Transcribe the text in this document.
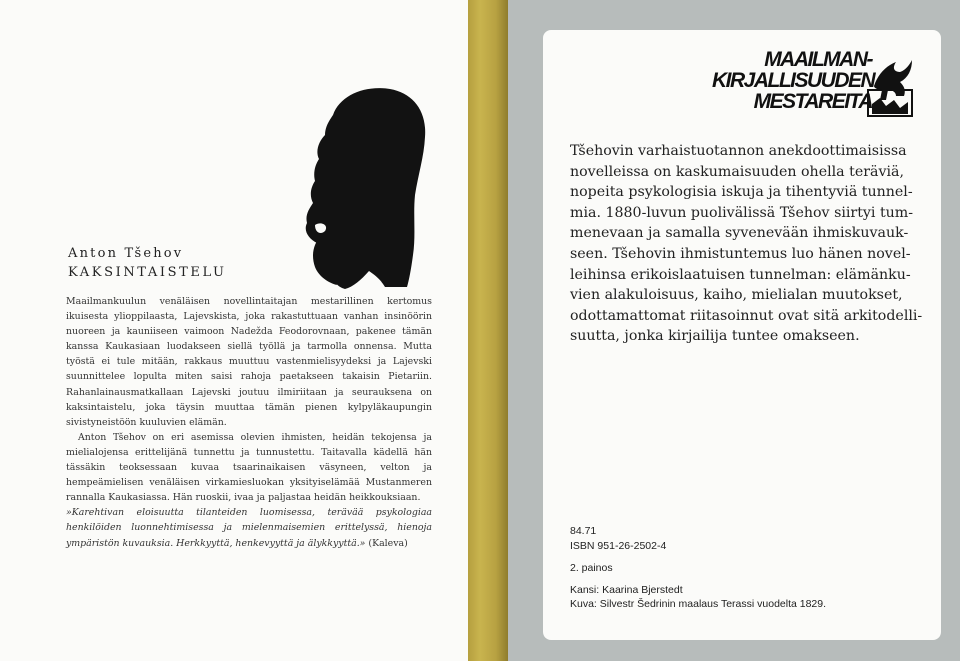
Anton Tšehov
KAKSINTAISTELU

Maailmankuulun venäläisen novellintaitajan mestarillinen kertomus ikuisesta ylioppilaasta, Lajevskista, joka rakastuttuaan vanhan insinöörin nuoreen ja kauniiseen vaimoon Nadežda Feodorovnaan, pakenee tämän kanssa Kaukasiaan luodakseen siellä työllä ja tarmolla onnensa. Mutta työstä ei tule mitään, rakkaus muuttuu vastenmielisyydeksi ja Lajevski suunnittelee lopulta miten saisi rahoja paetakseen takaisin Pietariin. Rahanlainausmatkallaan Lajevski joutuu ilmiriitaan ja seurauksena on kaksintaistelu, joka täysin muuttaa tämän pienen kylpyläkaupungin sivistyneistöön kuuluvien elämän.

Anton Tšehov on eri asemissa olevien ihmisten, heidän tekojensa ja mielialojensa erittelijänä tunnettu ja tunnustettu. Taitavalla kädellä hän tässäkin teoksessaan kuvaa tsaarinaikaisen väsyneen, velton ja hempeämielisen venäläisen virkamiesluokan yksityiselämää Mustanmeren rannalla Kaukasiassa. Hän ruoskii, ivaa ja paljastaa heidän heikkouksiaan.
»Karehtivan eloisuutta tilanteiden luomisessa, terävää psykologiaa henkilöiden luonnehtimisessa ja mielenmaisemien erittelyssä, hienoja ympäristön kuvauksia. Herkkyyttä, henkevyyttä ja älykkyyttä.» (Kaleva)

MAAILMAN-
KIRJALLISUUDEN
MESTAREITA
Tšehovin varhaistuotannon anekdoottimaisissa
novelleissa on kaskumaisuuden ohella teräviä,
nopeita psykologisia iskuja ja tihentyviä tunnel-
mia. 1880-luvun puolivälissä Tšehov siirtyi tum-
menevaan ja samalla syvenevään ihmiskuvauk-
seen. Tšehovin ihmistuntemus luo hänen novel-
leihinsa erikoislaatuisen tunnelman: elämänku-
vien alakuloisuus, kaiho, mielialan muutokset,
odottamattomat riitasoinnut ovat sitä arkitodelli-
suutta, jonka kirjailija tuntee omakseen.
84.71
ISBN 951-26-2502-4
2. painos
Kansi: Kaarina Bjerstedt
Kuva: Silvestr Šedrinin maalaus Terassi vuodelta 1829.
